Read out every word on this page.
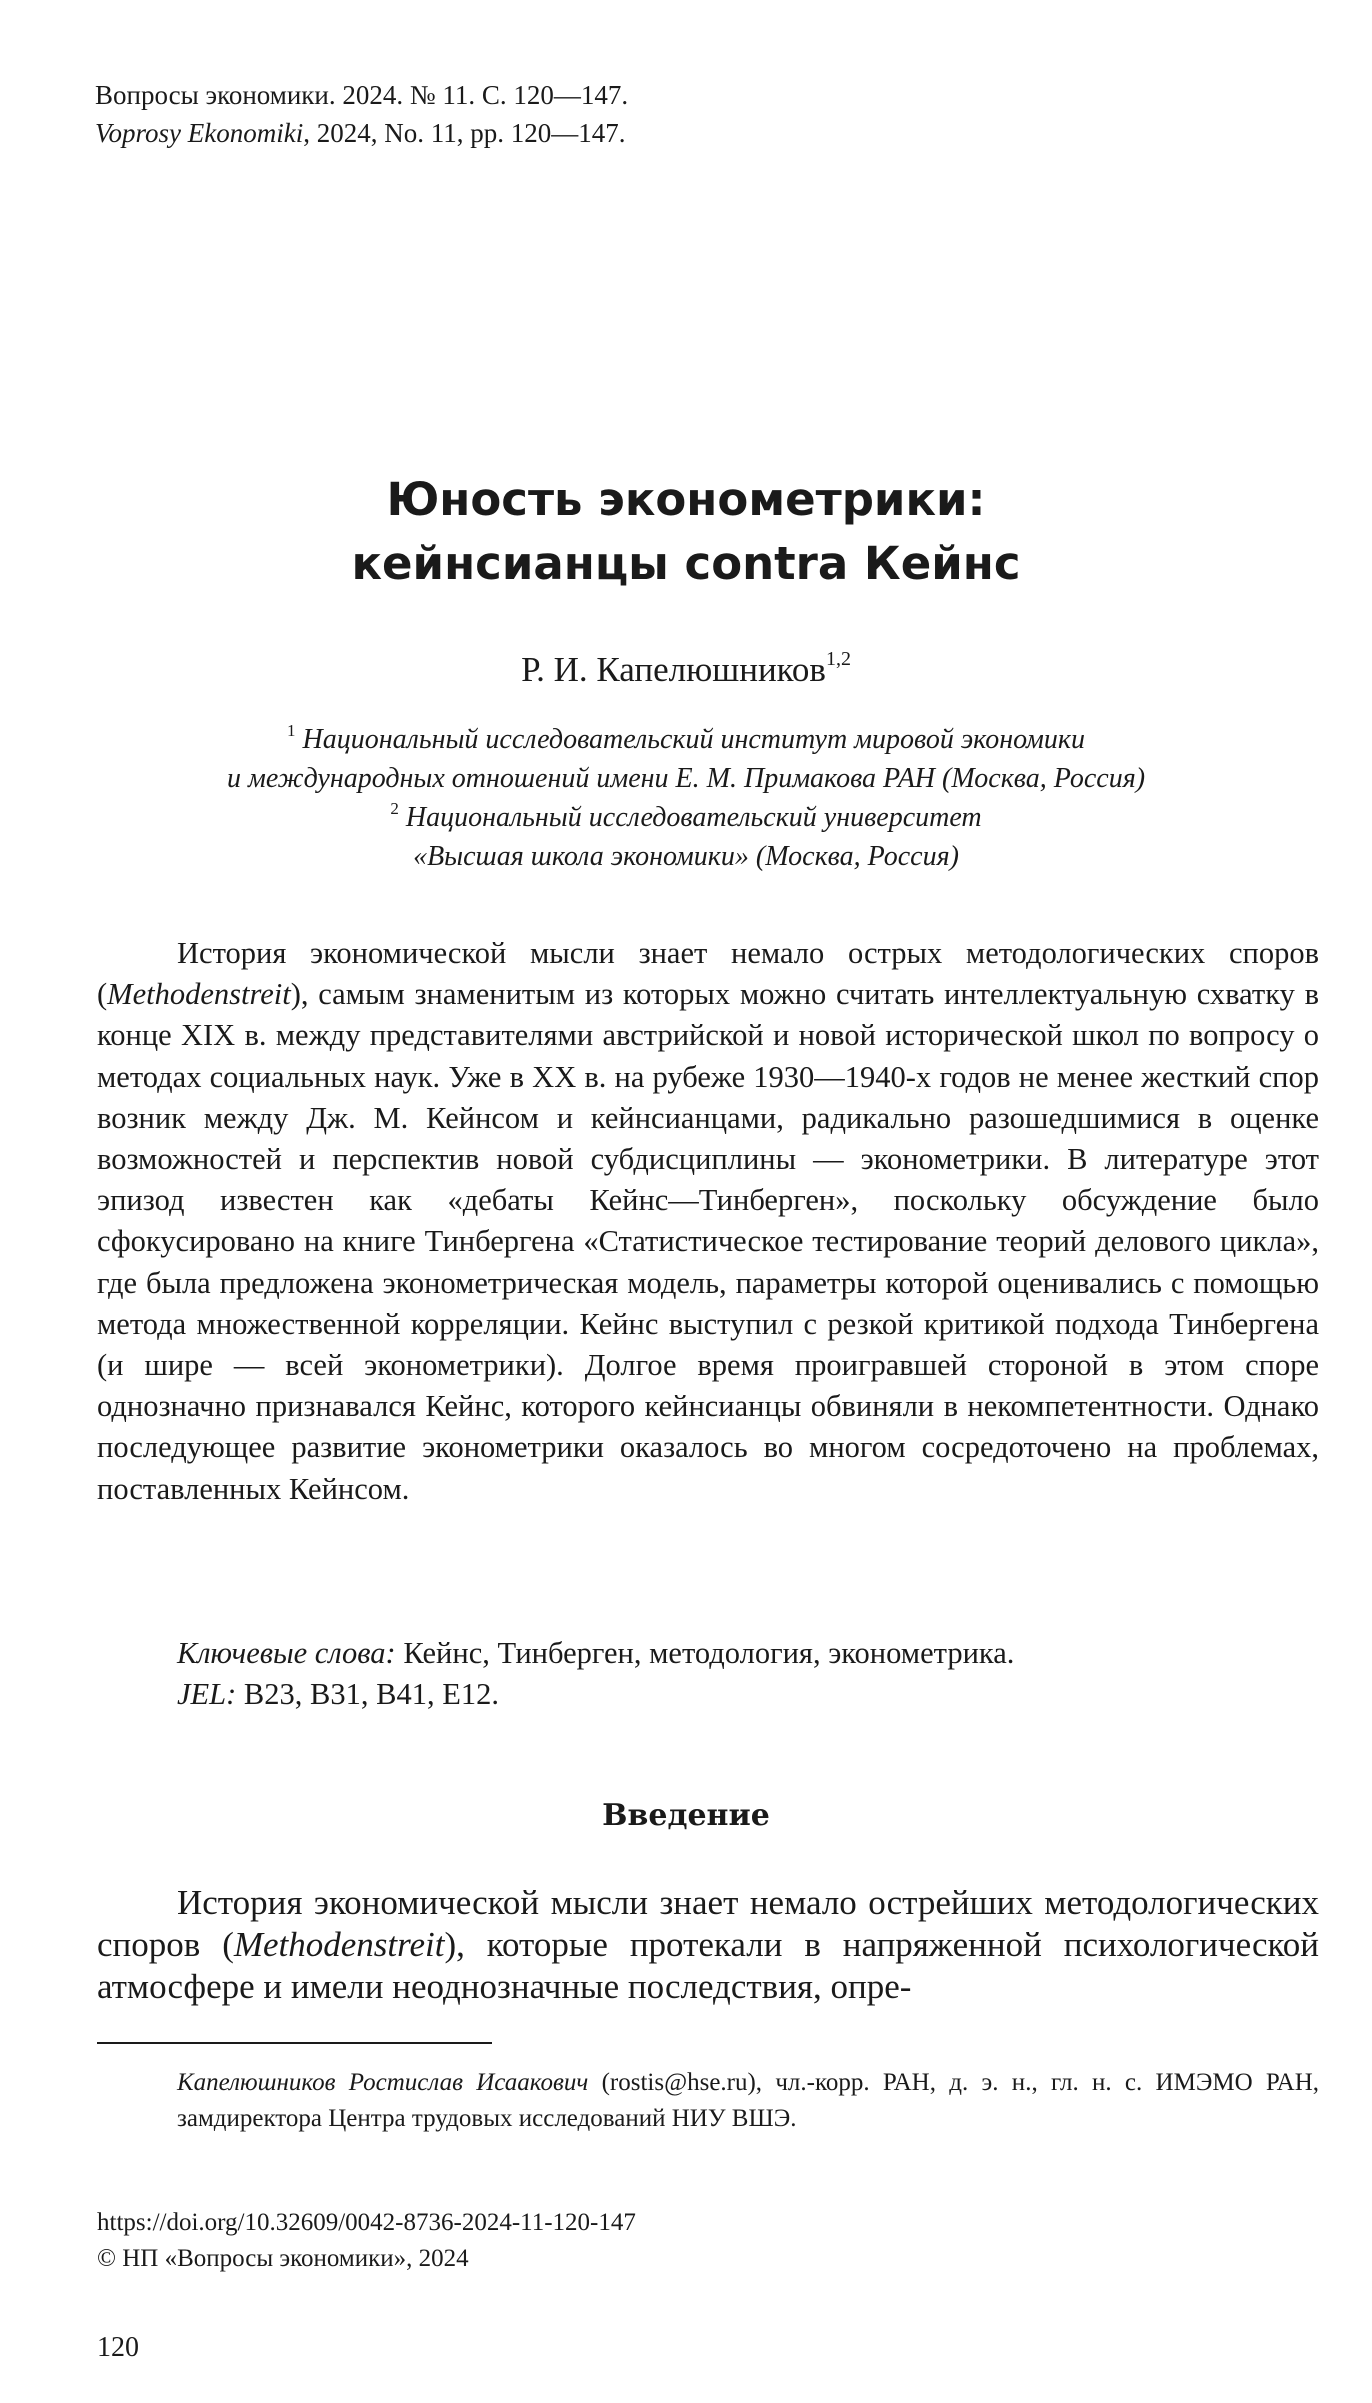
Вопросы экономики. 2024. № 11. С. 120—147.
Voprosy Ekonomiki, 2024, No. 11, pp. 120—147.
Юность эконометрики:
кейнсианцы contra Кейнс
Р. И. Капелюшников$^{1,2}$
$^1$ Национальный исследовательский институт мировой экономики
и международных отношений имени Е. М. Примакова РАН (Москва, Россия)
$^2$ Национальный исследовательский университет
«Высшая школа экономики» (Москва, Россия)

История экономической мысли знает немало острых методологических споров (Methodenstreit), самым знаменитым из которых можно считать интеллектуальную схватку в конце XIX в. между представителями австрийской и новой исторической школ по вопросу о методах социальных наук. Уже в XX в. на рубеже 1930—1940-х годов не менее жесткий спор возник между Дж. М. Кейнсом и кейнсианцами, радикально разошедшимися в оценке возможностей и перспектив новой субдисциплины — эконометрики. В литературе этот эпизод известен как «дебаты Кейнс—Тинберген», поскольку обсуждение было сфокусировано на книге Тинбергена «Статистическое тестирование теорий делового цикла», где была предложена эконометрическая модель, параметры которой оценивались с помощью метода множественной корреляции. Кейнс выступил с резкой критикой подхода Тинбергена (и шире — всей эконометрики). Долгое время проигравшей стороной в этом споре однозначно признавался Кейнс, которого кейнсианцы обвиняли в некомпетентности. Однако последующее развитие эконометрики оказалось во многом сосредоточено на проблемах, поставленных Кейнсом.

Ключевые слова: Кейнс, Тинберген, методология, эконометрика.
JEL: B23, B31, B41, E12.
Введение

История экономической мысли знает немало острейших методологических споров (Methodenstreit), которые протекали в напряженной психологической атмосфере и имели неоднозначные последствия, опре-

Капелюшников Ростислав Исаакович (rostis@hse.ru), чл.-корр. РАН, д. э. н., гл. н. с. ИМЭМО РАН, замдиректора Центра трудовых исследований НИУ ВШЭ.

https://doi.org/10.32609/0042-8736-2024-11-120-147
© НП «Вопросы экономики», 2024
120
